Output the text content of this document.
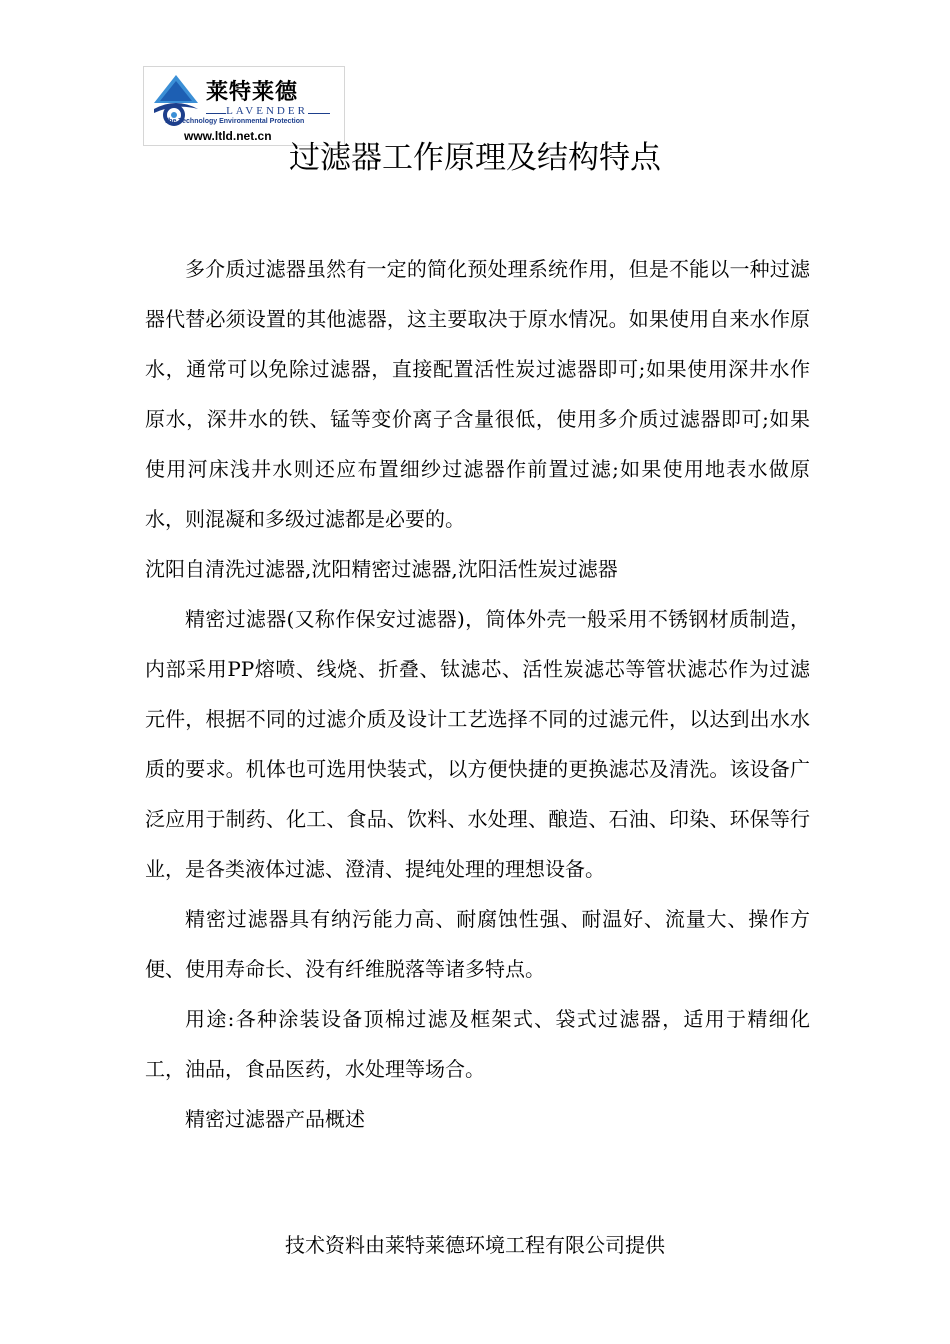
莱特莱德
LAVENDER
The Technology Environmental Protection
www.ltld.net.cn
过滤器工作原理及结构特点

多介质过滤器虽然有一定的简化预处理系统作用，但是不能以一种过滤器代替必须设置的其他滤器，这主要取决于原水情况。如果使用自来水作原水，通常可以免除过滤器，直接配置活性炭过滤器即可;如果使用深井水作原水，深井水的铁、锰等变价离子含量很低，使用多介质过滤器即可;如果使用河床浅井水则还应布置细纱过滤器作前置过滤;如果使用地表水做原水，则混凝和多级过滤都是必要的。

沈阳自清洗过滤器,沈阳精密过滤器,沈阳活性炭过滤器

精密过滤器(又称作保安过滤器)，筒体外壳一般采用不锈钢材质制造，内部采用PP熔喷、线烧、折叠、钛滤芯、活性炭滤芯等管状滤芯作为过滤元件，根据不同的过滤介质及设计工艺选择不同的过滤元件，以达到出水水质的要求。机体也可选用快装式，以方便快捷的更换滤芯及清洗。该设备广泛应用于制药、化工、食品、饮料、水处理、酿造、石油、印染、环保等行业，是各类液体过滤、澄清、提纯处理的理想设备。

精密过滤器具有纳污能力高、耐腐蚀性强、耐温好、流量大、操作方便、使用寿命长、没有纤维脱落等诸多特点。

用途:各种涂装设备顶棉过滤及框架式、袋式过滤器，适用于精细化工，油品，食品医药，水处理等场合。

精密过滤器产品概述

技术资料由莱特莱德环境工程有限公司提供
